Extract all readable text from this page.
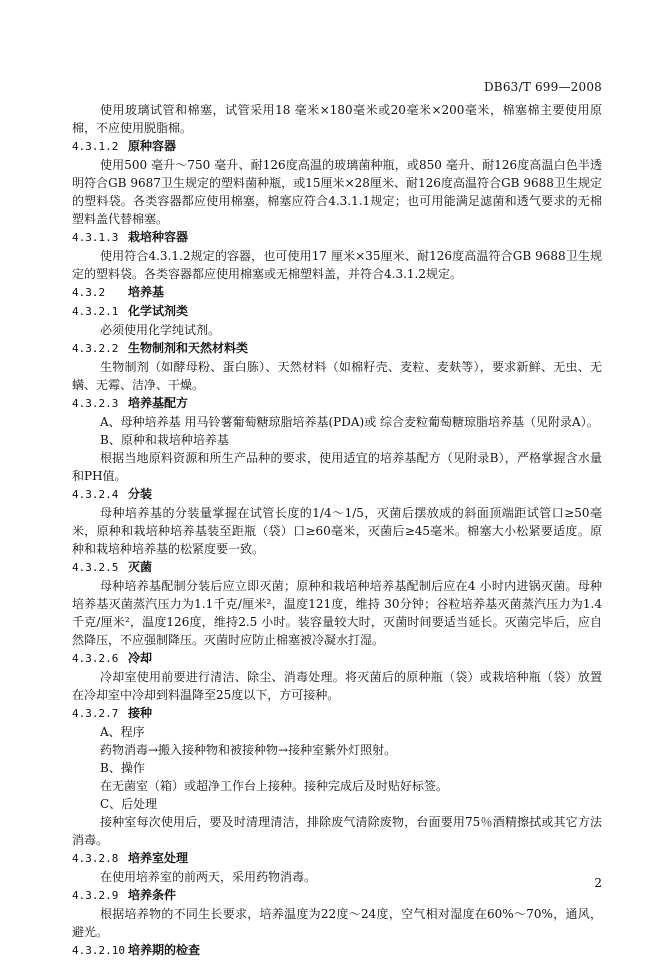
DB63/T 699—2008

使用玻璃试管和棉塞，试管采用18 毫米×180毫米或20毫米×200毫米，棉塞棉主要使用原棉，不应使用脱脂棉。

4.3.1.2 原种容器

使用500 毫升～750 毫升、耐126度高温的玻璃菌种瓶，或850 毫升、耐126度高温白色半透明符合GB 9687卫生规定的塑料菌种瓶，或15厘米×28厘米、耐126度高温符合GB 9688卫生规定的塑料袋。各类容器都应使用棉塞，棉塞应符合4.3.1.1规定；也可用能满足滤菌和透气要求的无棉塑料盖代替棉塞。

4.3.1.3 栽培种容器

使用符合4.3.1.2规定的容器，也可使用17 厘米×35厘米、耐126度高温符合GB 9688卫生规定的塑料袋。各类容器都应使用棉塞或无棉塑料盖，并符合4.3.1.2规定。

4.3.2 培养基
4.3.2.1 化学试剂类

必须使用化学纯试剂。

4.3.2.2 生物制剂和天然材料类

生物制剂（如酵母粉、蛋白胨）、天然材料（如棉籽壳、麦粒、麦麸等），要求新鲜、无虫、无螨、无霉、洁净、干燥。

4.3.2.3 培养基配方

A、母种培养基 用马铃薯葡萄糖琼脂培养基(PDA)或 综合麦粒葡萄糖琼脂培养基（见附录A）。

B、原种和栽培种培养基

根据当地原料资源和所生产品种的要求，使用适宜的培养基配方（见附录B），严格掌握含水量和PH值。

4.3.2.4 分装

母种培养基的分装量掌握在试管长度的1/4～1/5，灭菌后摆放成的斜面顶端距试管口≥50毫米，原种和栽培种培养基装至距瓶（袋）口≥60毫米，灭菌后≥45毫米。棉塞大小松紧要适度。原种和栽培种培养基的松紧度要一致。

4.3.2.5 灭菌

母种培养基配制分装后应立即灭菌；原种和栽培种培养基配制后应在4 小时内进锅灭菌。母种培养基灭菌蒸汽压力为1.1千克/厘米²，温度121度，维持 30分钟；谷粒培养基灭菌蒸汽压力为1.4千克/厘米²，温度126度，维持2.5 小时。装容量较大时，灭菌时间要适当延长。灭菌完毕后，应自然降压，不应强制降压。灭菌时应防止棉塞被冷凝水打湿。

4.3.2.6 冷却

冷却室使用前要进行清洁、除尘、消毒处理。将灭菌后的原种瓶（袋）或栽培种瓶（袋）放置在冷却室中冷却到料温降至25度以下，方可接种。

4.3.2.7 接种

A、程序

药物消毒→搬入接种物和被接种物→接种室紫外灯照射。

B、操作

在无菌室（箱）或超净工作台上接种。接种完成后及时贴好标签。

C、后处理

接种室每次使用后，要及时清理清洁，排除废气清除废物，台面要用75％酒精擦拭或其它方法消毒。

4.3.2.8 培养室处理

在使用培养室的前两天，采用药物消毒。

4.3.2.9 培养条件

根据培养物的不同生长要求，培养温度为22度～24度，空气相对湿度在60%～70%，通风，避光。

4.3.2.10 培养期的检查
2
